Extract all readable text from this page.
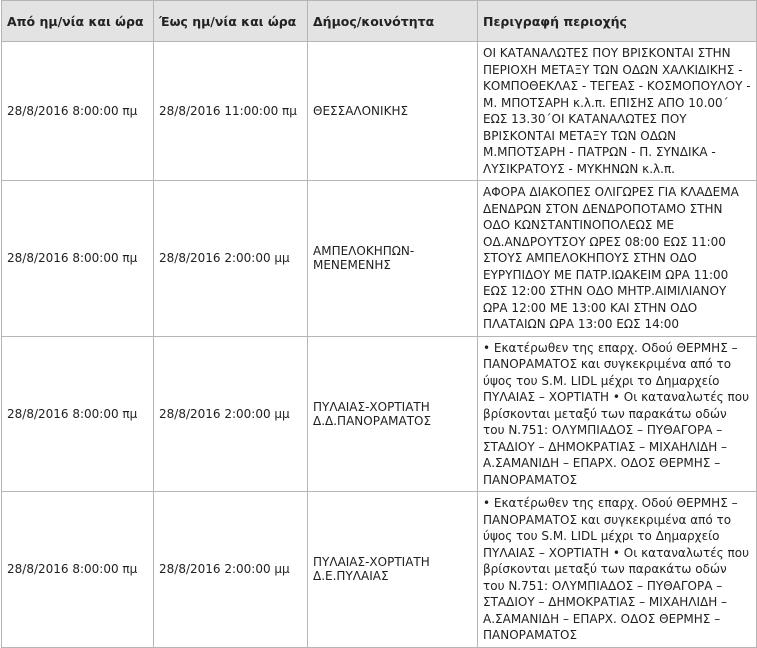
Από ημ/νία και ώρα	Έως ημ/νία και ώρα	Δήμος/κοινότητα	Περιγραφή περιοχής
28/8/2016 8:00:00 πμ	28/8/2016 11:00:00 πμ	ΘΕΣΣΑΛΟΝΙΚΗΣ	ΟΙ ΚΑΤΑΝΑΛΩΤΕΣ ΠΟΥ ΒΡΙΣΚΟΝΤΑΙ ΣΤΗΝ ΠΕΡΙΟΧΗ ΜΕΤΑΞΥ ΤΩΝ ΟΔΩΝ ΧΑΛΚΙΔΙΚΗΣ - ΚΟΜΠΟΘΕΚΛΑΣ - ΤΕΓΕΑΣ - ΚΟΣΜΟΠΟΥΛΟΥ - Μ. ΜΠΟΤΣΑΡΗ κ.λ.π. ΕΠΙΣΗΣ ΑΠΟ 10.00΄ ΕΩΣ 13.30΄ΟΙ ΚΑΤΑΝΑΛΩΤΕΣ ΠΟΥ ΒΡΙΣΚΟΝΤΑΙ ΜΕΤΑΞΥ ΤΩΝ ΟΔΩΝ Μ.ΜΠΟΤΣΑΡΗ - ΠΑΤΡΩΝ - Π. ΣΥΝΔΙΚΑ - ΛΥΣΙΚΡΑΤΟΥΣ - ΜΥΚΗΝΩΝ κ.λ.π.
28/8/2016 8:00:00 πμ	28/8/2016 2:00:00 μμ	ΑΜΠΕΛΟΚΗΠΩΝ-ΜΕΝΕΜΕΝΗΣ	ΑΦΟΡΑ ΔΙΑΚΟΠΕΣ ΟΛΙΓΩΡΕΣ ΓΙΑ ΚΛΑΔΕΜΑ ΔΕΝΔΡΩΝ ΣΤΟΝ ΔΕΝΔΡΟΠΟΤΑΜΟ ΣΤΗΝ ΟΔΟ ΚΩΝΣΤΑΝΤΙΝΟΠΟΛΕΩΣ ΜΕ ΟΔ.ΑΝΔΡΟΥΤΣΟΥ ΩΡΕΣ 08:00 ΕΩΣ 11:00 ΣΤΟΥΣ ΑΜΠΕΛΟΚΗΠΟΥΣ ΣΤΗΝ ΟΔΟ ΕΥΡΥΠΙΔΟΥ ΜΕ ΠΑΤΡ.ΙΩΑΚΕΙΜ ΩΡΑ 11:00 ΕΩΣ 12:00 ΣΤΗΝ ΟΔΟ ΜΗΤΡ.ΑΙΜΙΛΙΑΝΟΥ ΩΡΑ 12:00 ΜΕ 13:00 ΚΑΙ ΣΤΗΝ ΟΔΟ ΠΛΑΤΑΙΩΝ ΩΡΑ 13:00 ΕΩΣ 14:00
28/8/2016 8:00:00 πμ	28/8/2016 2:00:00 μμ	ΠΥΛΑΙΑΣ-ΧΟΡΤΙΑΤΗ Δ.Δ.ΠΑΝΟΡΑΜΑΤΟΣ	• Εκατέρωθεν της επαρχ. Οδού ΘΕΡΜΗΣ – ΠΑΝΟΡΑΜΑΤΟΣ και συγκεκριμένα από το ύψος του S.M. LIDL μέχρι το Δημαρχείο ΠΥΛΑΙΑΣ – ΧΟΡΤΙΑΤΗ • Οι καταναλωτές που βρίσκονται μεταξύ των παρακάτω οδών του Ν.751: ΟΛΥΜΠΙΑΔΟΣ – ΠΥΘΑΓΟΡΑ – ΣΤΑΔΙΟΥ – ΔΗΜΟΚΡΑΤΙΑΣ – ΜΙΧΑΗΛΙΔΗ – Α.ΣΑΜΑΝΙΔΗ – ΕΠΑΡΧ. ΟΔΟΣ ΘΕΡΜΗΣ – ΠΑΝΟΡΑΜΑΤΟΣ
28/8/2016 8:00:00 πμ	28/8/2016 2:00:00 μμ	ΠΥΛΑΙΑΣ-ΧΟΡΤΙΑΤΗ Δ.Ε.ΠΥΛΑΙΑΣ	• Εκατέρωθεν της επαρχ. Οδού ΘΕΡΜΗΣ – ΠΑΝΟΡΑΜΑΤΟΣ και συγκεκριμένα από το ύψος του S.M. LIDL μέχρι το Δημαρχείο ΠΥΛΑΙΑΣ – ΧΟΡΤΙΑΤΗ • Οι καταναλωτές που βρίσκονται μεταξύ των παρακάτω οδών του Ν.751: ΟΛΥΜΠΙΑΔΟΣ – ΠΥΘΑΓΟΡΑ – ΣΤΑΔΙΟΥ – ΔΗΜΟΚΡΑΤΙΑΣ – ΜΙΧΑΗΛΙΔΗ – Α.ΣΑΜΑΝΙΔΗ – ΕΠΑΡΧ. ΟΔΟΣ ΘΕΡΜΗΣ – ΠΑΝΟΡΑΜΑΤΟΣ
